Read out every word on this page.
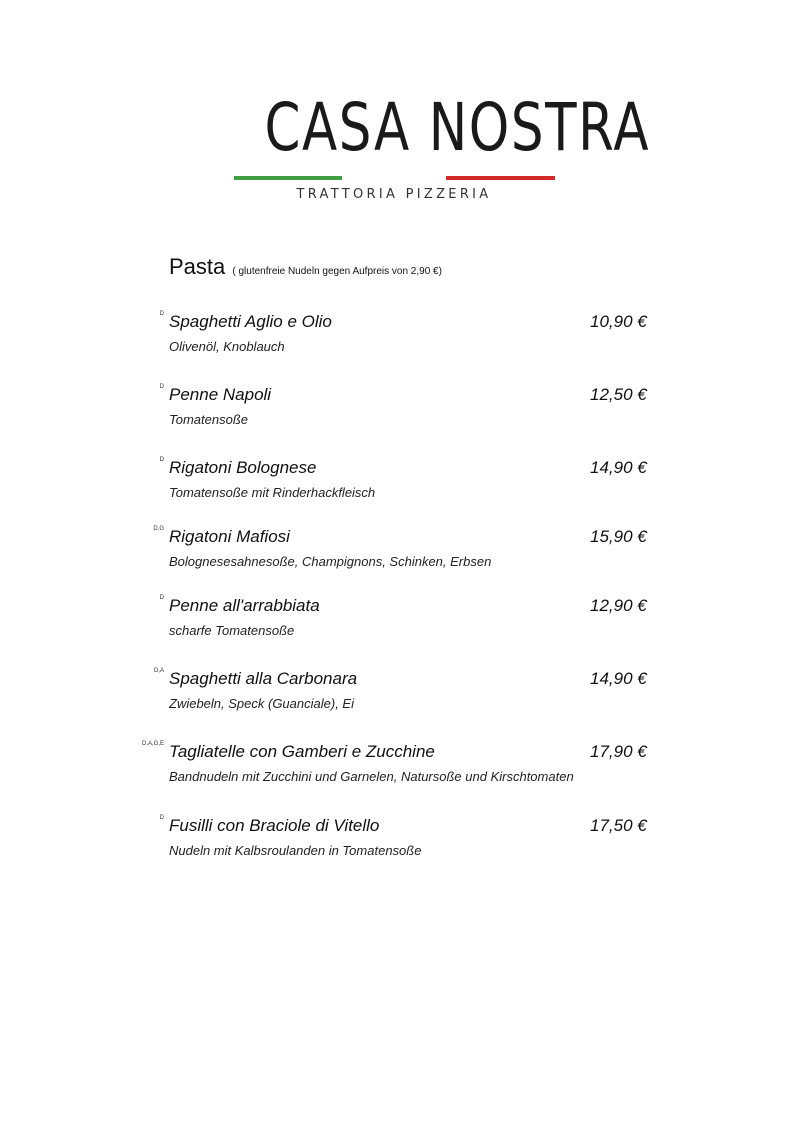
CASA NOSTRA
TRATTORIA PIZZERIA
Pasta ( glutenfreie Nudeln gegen Aufpreis von 2,90 €)
D Spaghetti Aglio e Olio	10,90 €
Olivenöl, Knoblauch
D Penne Napoli	12,50 €
Tomatensoße
D Rigatoni Bolognese	14,90 €
Tomatensoße mit Rinderhackfleisch
D,G Rigatoni Mafiosi	15,90 €
Bolognesesahnesoße, Champignons, Schinken, Erbsen
D Penne all'arrabbiata	12,90 €
scharfe Tomatensoße
D,A Spaghetti alla Carbonara	14,90 €
Zwiebeln, Speck (Guanciale), Ei
D,A,G,E Tagliatelle con Gamberi e Zucchine	17,90 €
Bandnudeln mit Zucchini und Garnelen, Natursoße und Kirschtomaten
D Fusilli con Braciole di Vitello	17,50 €
Nudeln mit Kalbsroulanden in Tomatensoße
